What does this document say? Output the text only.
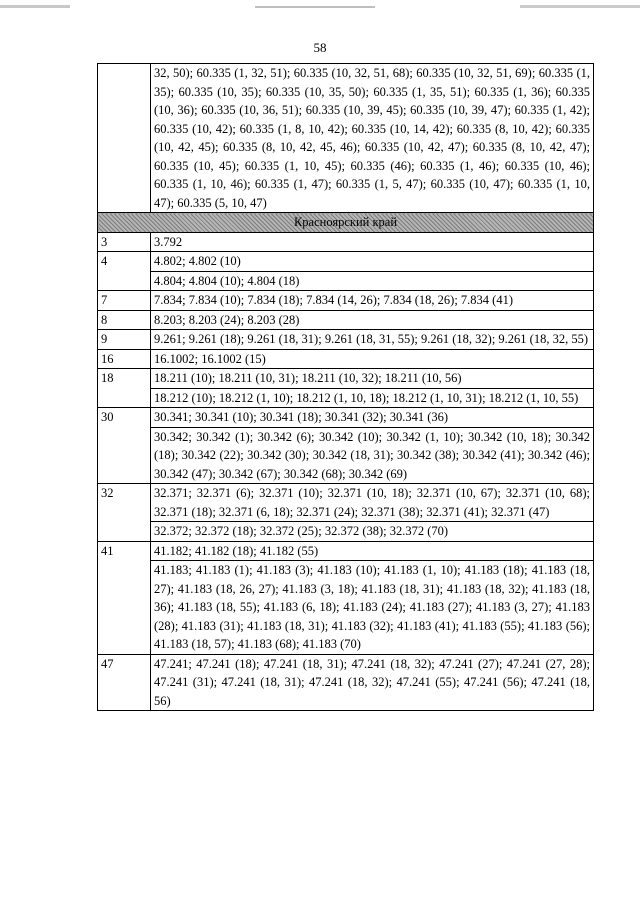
58
	32, 50); 60.335 (1, 32, 51); 60.335 (10, 32, 51, 68); 60.335 (10, 32, 51, 69); 60.335 (1, 35); 60.335 (10, 35); 60.335 (10, 35, 50); 60.335 (1, 35, 51); 60.335 (1, 36); 60.335 (10, 36); 60.335 (10, 36, 51); 60.335 (10, 39, 45); 60.335 (10, 39, 47); 60.335 (1, 42); 60.335 (10, 42); 60.335 (1, 8, 10, 42); 60.335 (10, 14, 42); 60.335 (8, 10, 42); 60.335 (10, 42, 45); 60.335 (8, 10, 42, 45, 46); 60.335 (10, 42, 47); 60.335 (8, 10, 42, 47); 60.335 (10, 45); 60.335 (1, 10, 45); 60.335 (46); 60.335 (1, 46); 60.335 (10, 46); 60.335 (1, 10, 46); 60.335 (1, 47); 60.335 (1, 5, 47); 60.335 (10, 47); 60.335 (1, 10, 47); 60.335 (5, 10, 47)
Красноярский край	
3	3.792
4	4.802; 4.802 (10)
	4.804; 4.804 (10); 4.804 (18)
7	7.834; 7.834 (10); 7.834 (18); 7.834 (14, 26); 7.834 (18, 26); 7.834 (41)
8	8.203; 8.203 (24); 8.203 (28)
9	9.261; 9.261 (18); 9.261 (18, 31); 9.261 (18, 31, 55); 9.261 (18, 32); 9.261 (18, 32, 55)
16	16.1002; 16.1002 (15)
18	18.211 (10); 18.211 (10, 31); 18.211 (10, 32); 18.211 (10, 56)
	18.212 (10); 18.212 (1, 10); 18.212 (1, 10, 18); 18.212 (1, 10, 31); 18.212 (1, 10, 55)
30	30.341; 30.341 (10); 30.341 (18); 30.341 (32); 30.341 (36)
	30.342; 30.342 (1); 30.342 (6); 30.342 (10); 30.342 (1, 10); 30.342 (10, 18); 30.342 (18); 30.342 (22); 30.342 (30); 30.342 (18, 31); 30.342 (38); 30.342 (41); 30.342 (46); 30.342 (47); 30.342 (67); 30.342 (68); 30.342 (69)
32	32.371; 32.371 (6); 32.371 (10); 32.371 (10, 18); 32.371 (10, 67); 32.371 (10, 68); 32.371 (18); 32.371 (6, 18); 32.371 (24); 32.371 (38); 32.371 (41); 32.371 (47)
	32.372; 32.372 (18); 32.372 (25); 32.372 (38); 32.372 (70)
41	41.182; 41.182 (18); 41.182 (55)
	41.183; 41.183 (1); 41.183 (3); 41.183 (10); 41.183 (1, 10); 41.183 (18); 41.183 (18, 27); 41.183 (18, 26, 27); 41.183 (3, 18); 41.183 (18, 31); 41.183 (18, 32); 41.183 (18, 36); 41.183 (18, 55); 41.183 (6, 18); 41.183 (24); 41.183 (27); 41.183 (3, 27); 41.183 (28); 41.183 (31); 41.183 (18, 31); 41.183 (32); 41.183 (41); 41.183 (55); 41.183 (56); 41.183 (18, 57); 41.183 (68); 41.183 (70)
47	47.241; 47.241 (18); 47.241 (18, 31); 47.241 (18, 32); 47.241 (27); 47.241 (27, 28); 47.241 (31); 47.241 (18, 31); 47.241 (18, 32); 47.241 (55); 47.241 (56); 47.241 (18, 56)
